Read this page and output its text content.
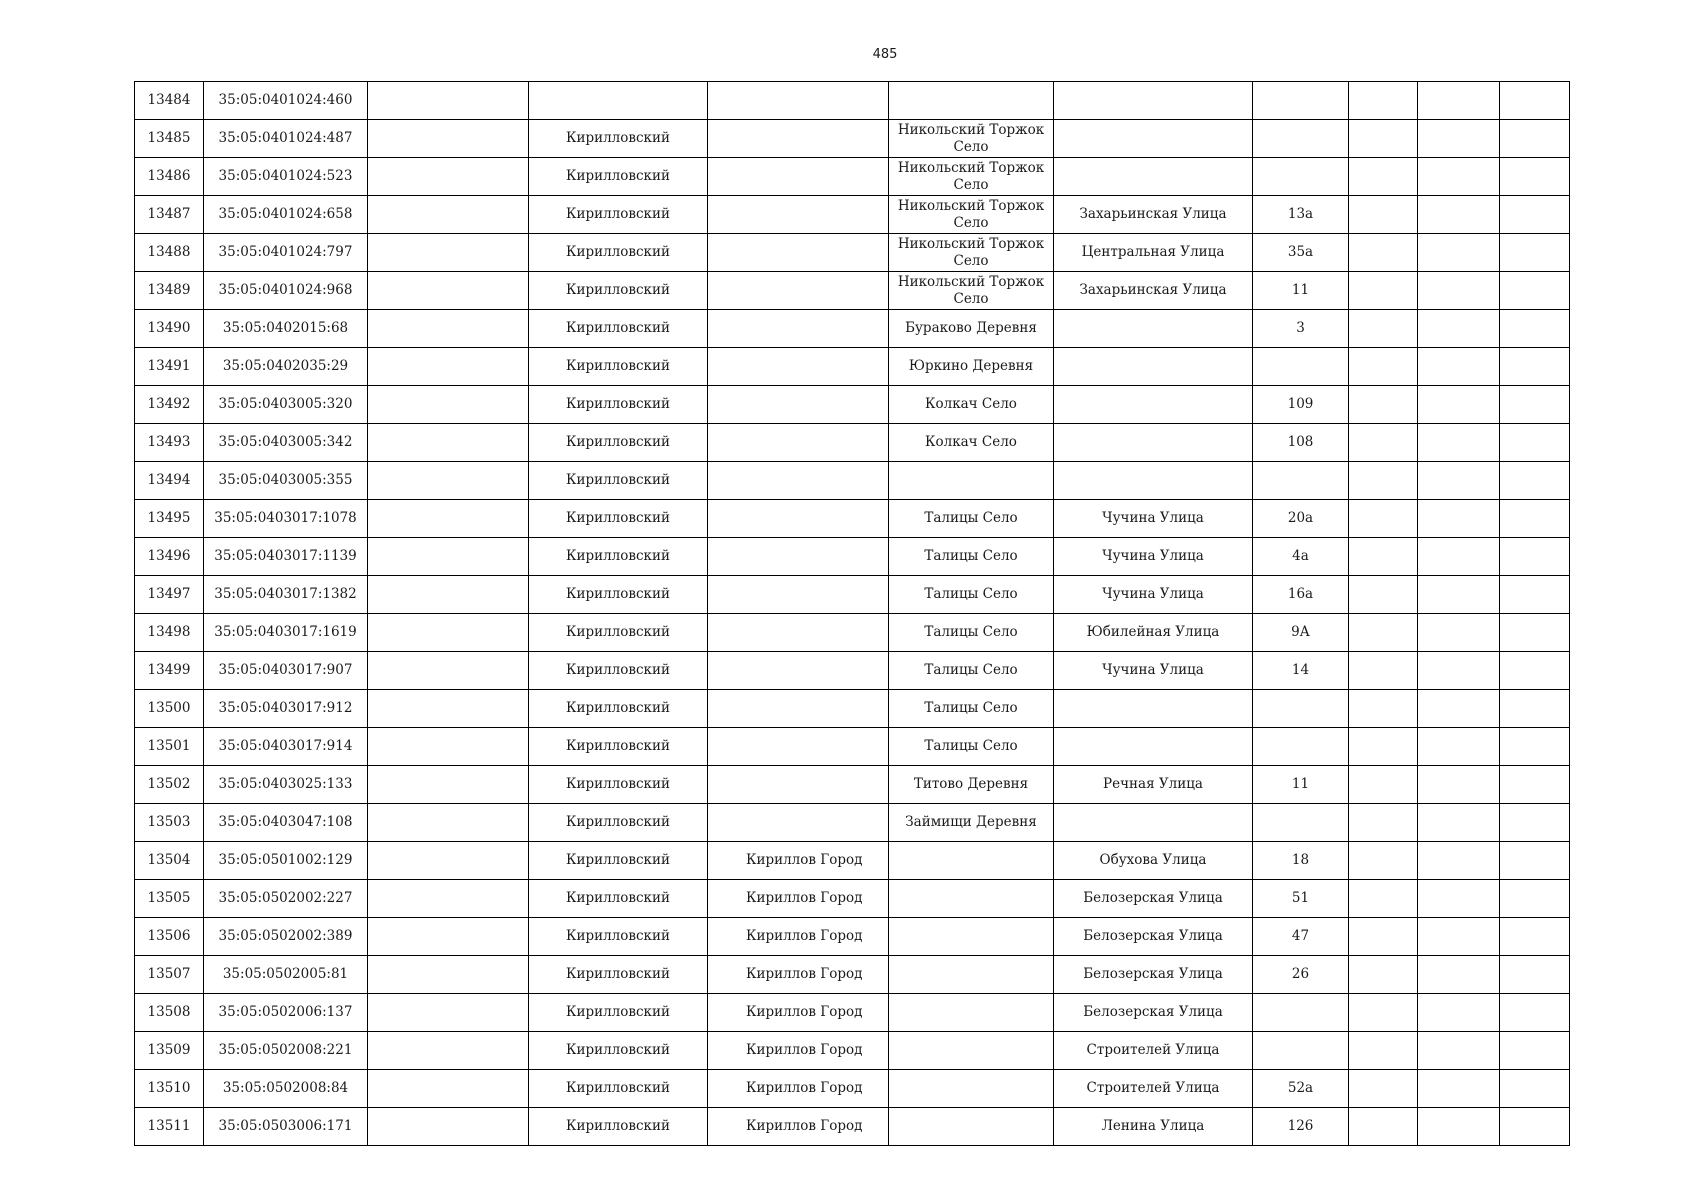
485
13484	35:05:0401024:460									
13485	35:05:0401024:487		Кирилловский		Никольский Торжок Село					
13486	35:05:0401024:523		Кирилловский		Никольский Торжок Село					
13487	35:05:0401024:658		Кирилловский		Никольский Торжок Село	Захарьинская Улица	13а			
13488	35:05:0401024:797		Кирилловский		Никольский Торжок Село	Центральная Улица	35а			
13489	35:05:0401024:968		Кирилловский		Никольский Торжок Село	Захарьинская Улица	11			
13490	35:05:0402015:68		Кирилловский		Бураково Деревня		3			
13491	35:05:0402035:29		Кирилловский		Юркино Деревня					
13492	35:05:0403005:320		Кирилловский		Колкач Село		109			
13493	35:05:0403005:342		Кирилловский		Колкач Село		108			
13494	35:05:0403005:355		Кирилловский							
13495	35:05:0403017:1078		Кирилловский		Талицы Село	Чучина Улица	20а			
13496	35:05:0403017:1139		Кирилловский		Талицы Село	Чучина Улица	4а			
13497	35:05:0403017:1382		Кирилловский		Талицы Село	Чучина Улица	16а			
13498	35:05:0403017:1619		Кирилловский		Талицы Село	Юбилейная Улица	9А			
13499	35:05:0403017:907		Кирилловский		Талицы Село	Чучина Улица	14			
13500	35:05:0403017:912		Кирилловский		Талицы Село					
13501	35:05:0403017:914		Кирилловский		Талицы Село					
13502	35:05:0403025:133		Кирилловский		Титово Деревня	Речная Улица	11			
13503	35:05:0403047:108		Кирилловский		Займищи Деревня					
13504	35:05:0501002:129		Кирилловский	Кириллов Город		Обухова Улица	18			
13505	35:05:0502002:227		Кирилловский	Кириллов Город		Белозерская Улица	51			
13506	35:05:0502002:389		Кирилловский	Кириллов Город		Белозерская Улица	47			
13507	35:05:0502005:81		Кирилловский	Кириллов Город		Белозерская Улица	26			
13508	35:05:0502006:137		Кирилловский	Кириллов Город		Белозерская Улица				
13509	35:05:0502008:221		Кирилловский	Кириллов Город		Строителей Улица				
13510	35:05:0502008:84		Кирилловский	Кириллов Город		Строителей Улица	52а			
13511	35:05:0503006:171		Кирилловский	Кириллов Город		Ленина Улица	126			
